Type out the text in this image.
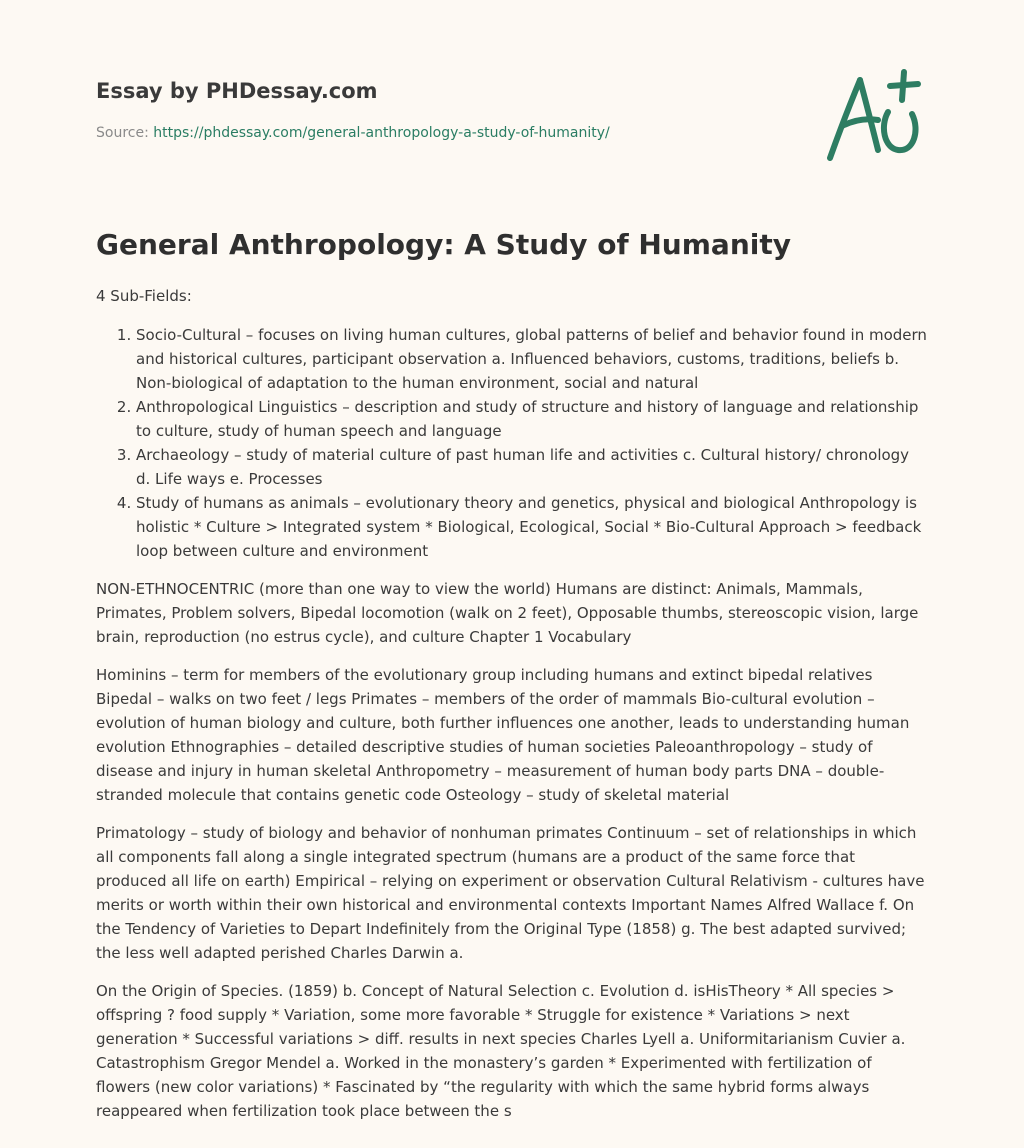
Essay by PHDessay.com
Source: https://phdessay.com/general-anthropology-a-study-of-humanity/
General Anthropology: A Study of Humanity
4 Sub-Fields:
1. Socio-Cultural – focuses on living human cultures, global patterns of belief and behavior found in modern and historical cultures, participant observation a. Influenced behaviors, customs, traditions, beliefs b. Non-biological of adaptation to the human environment, social and natural
2. Anthropological Linguistics – description and study of structure and history of language and relationship to culture, study of human speech and language
3. Archaeology – study of material culture of past human life and activities c. Cultural history/ chronology d. Life ways e. Processes
4. Study of humans as animals – evolutionary theory and genetics, physical and biological Anthropology is holistic * Culture > Integrated system * Biological, Ecological, Social * Bio-Cultural Approach > feedback loop between culture and environment

NON-ETHNOCENTRIC (more than one way to view the world) Humans are distinct: Animals, Mammals, Primates, Problem solvers, Bipedal locomotion (walk on 2 feet), Opposable thumbs, stereoscopic vision, large brain, reproduction (no estrus cycle), and culture Chapter 1 Vocabulary

Hominins – term for members of the evolutionary group including humans and extinct bipedal relatives Bipedal – walks on two feet / legs Primates – members of the order of mammals Bio-cultural evolution – evolution of human biology and culture, both further influences one another, leads to understanding human evolution Ethnographies – detailed descriptive studies of human societies Paleoanthropology – study of disease and injury in human skeletal Anthropometry – measurement of human body parts DNA – double-stranded molecule that contains genetic code Osteology – study of skeletal material

Primatology – study of biology and behavior of nonhuman primates Continuum – set of relationships in which all components fall along a single integrated spectrum (humans are a product of the same force that produced all life on earth) Empirical – relying on experiment or observation Cultural Relativism - cultures have merits or worth within their own historical and environmental contexts Important Names Alfred Wallace f. On the Tendency of Varieties to Depart Indefinitely from the Original Type (1858) g. The best adapted survived; the less well adapted perished Charles Darwin a.

On the Origin of Species. (1859) b. Concept of Natural Selection c. Evolution d. isHisTheory * All species > offspring ? food supply * Variation, some more favorable * Struggle for existence * Variations > next generation * Successful variations > diff. results in next species Charles Lyell a. Uniformitarianism Cuvier a. Catastrophism Gregor Mendel a. Worked in the monastery’s garden * Experimented with fertilization of flowers (new color variations) * Fascinated by “the regularity with which the same hybrid forms always reappeared when fertilization took place between the s
